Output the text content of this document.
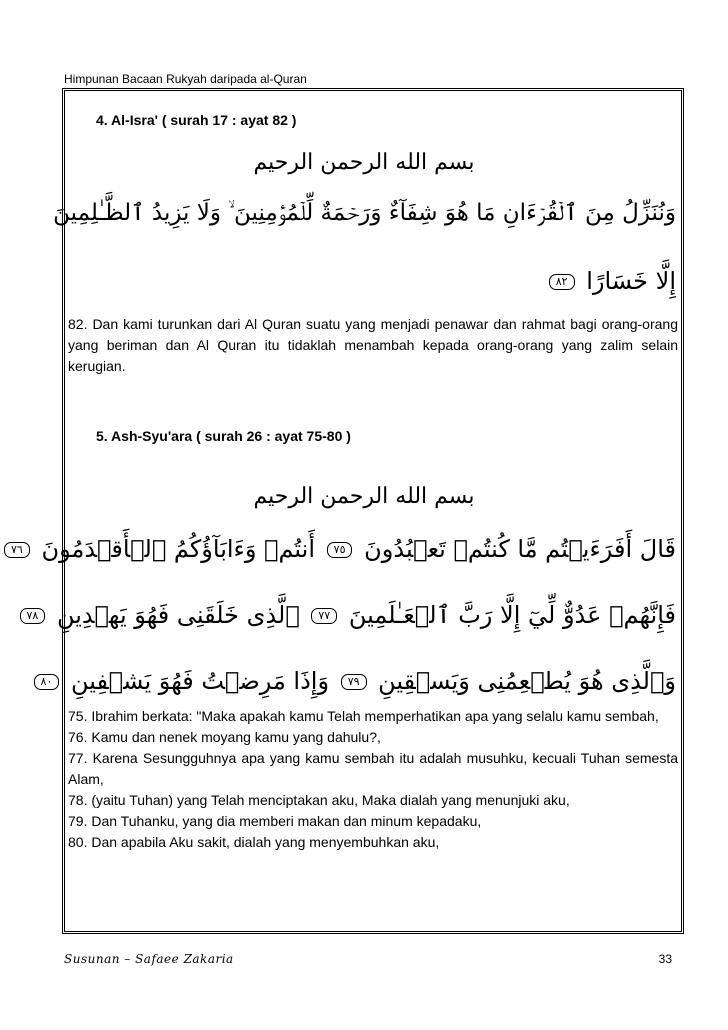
Himpunan Bacaan Rukyah daripada al-Quran
4. Al-Isra' ( surah 17 : ayat 82 )
بسم الله الرحمن الرحيم
وَنُنَزِّلُ مِنَ ٱلۡقُرۡءَانِ مَا هُوَ شِفَآءٌ وَرَحۡمَةٌ لِّلۡمُؤۡمِنِينَ ۙ وَلَا يَزِيدُ ٱلظَّـٰلِمِينَ
إِلَّا خَسَارًا ٨٢

82. Dan kami turunkan dari Al Quran suatu yang menjadi penawar dan rahmat bagi orang-orang yang beriman dan Al Quran itu tidaklah menambah kepada orang-orang yang zalim selain kerugian.

5. Ash-Syu'ara ( surah 26 : ayat 75-80 )
بسم الله الرحمن الرحيم
قَالَ أَفَرَءَيۡتُم مَّا كُنتُمۡ تَعۡبُدُونَ ٧٥ أَنتُمۡ وَءَابَآؤُكُمُ ٱلۡأَقۡدَمُونَ ٧٦
فَإِنَّهُمۡ عَدُوٌّ لِّيٓ إِلَّا رَبَّ ٱلۡعَـٰلَمِينَ ٧٧ ٱلَّذِى خَلَقَنِى فَهُوَ يَهۡدِينِ ٧٨
وَٱلَّذِى هُوَ يُطۡعِمُنِى وَيَسۡقِينِ ٧٩ وَإِذَا مَرِضۡتُ فَهُوَ يَشۡفِينِ ٨٠

75. Ibrahim berkata: "Maka apakah kamu Telah memperhatikan apa yang selalu kamu sembah,

76. Kamu dan nenek moyang kamu yang dahulu?,

77. Karena Sesungguhnya apa yang kamu sembah itu adalah musuhku, kecuali Tuhan semesta Alam,

78. (yaitu Tuhan) yang Telah menciptakan aku, Maka dialah yang menunjuki aku,

79. Dan Tuhanku, yang dia memberi makan dan minum kepadaku,

80. Dan apabila Aku sakit, dialah yang menyembuhkan aku,

Susunan – Safaee Zakaria	33
